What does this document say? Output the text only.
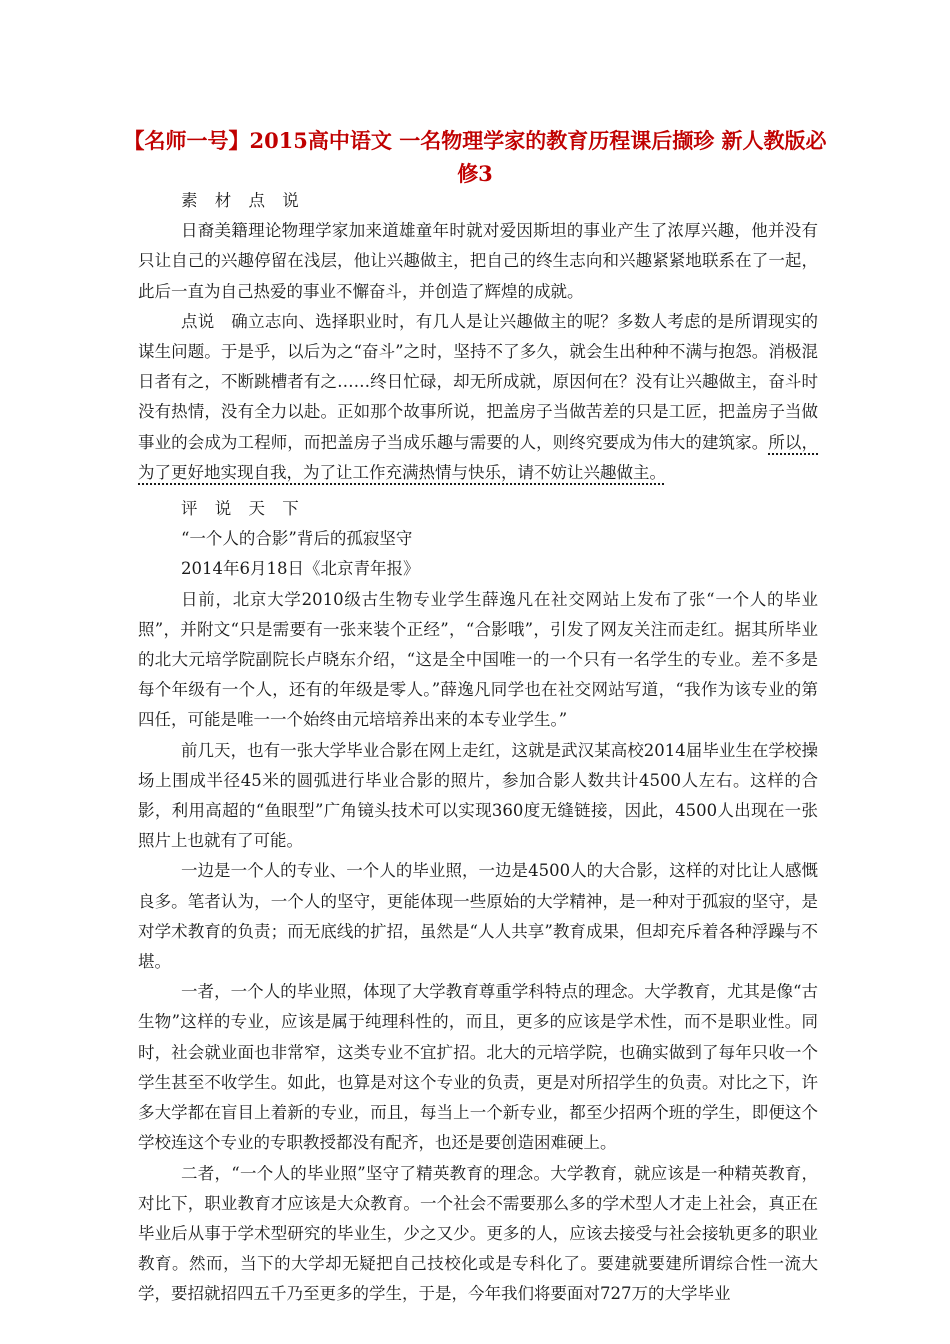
【名师一号】2015高中语文 一名物理学家的教育历程课后撷珍 新人教版必修3

素 材 点 说

日裔美籍理论物理学家加来道雄童年时就对爱因斯坦的事业产生了浓厚兴趣，他并没有只让自己的兴趣停留在浅层，他让兴趣做主，把自己的终生志向和兴趣紧紧地联系在了一起，此后一直为自己热爱的事业不懈奋斗，并创造了辉煌的成就。

点说　确立志向、选择职业时，有几人是让兴趣做主的呢？多数人考虑的是所谓现实的谋生问题。于是乎，以后为之“奋斗”之时，坚持不了多久，就会生出种种不满与抱怨。消极混日者有之，不断跳槽者有之……终日忙碌，却无所成就，原因何在？没有让兴趣做主，奋斗时没有热情，没有全力以赴。正如那个故事所说，把盖房子当做苦差的只是工匠，把盖房子当做事业的会成为工程师，而把盖房子当成乐趣与需要的人，则终究要成为伟大的建筑家。所以，为了更好地实现自我，为了让工作充满热情与快乐，请不妨让兴趣做主。

评 说 天 下

“一个人的合影”背后的孤寂坚守

2014年6月18日《北京青年报》

日前，北京大学2010级古生物专业学生薛逸凡在社交网站上发布了张“一个人的毕业照”，并附文“只是需要有一张来装个正经”，“合影哦”，引发了网友关注而走红。据其所毕业的北大元培学院副院长卢晓东介绍，“这是全中国唯一的一个只有一名学生的专业。差不多是每个年级有一个人，还有的年级是零人。”薛逸凡同学也在社交网站写道，“我作为该专业的第四任，可能是唯一一个始终由元培培养出来的本专业学生。”

前几天，也有一张大学毕业合影在网上走红，这就是武汉某高校2014届毕业生在学校操场上围成半径45米的圆弧进行毕业合影的照片，参加合影人数共计4500人左右。这样的合影，利用高超的“鱼眼型”广角镜头技术可以实现360度无缝链接，因此，4500人出现在一张照片上也就有了可能。

一边是一个人的专业、一个人的毕业照，一边是4500人的大合影，这样的对比让人感慨良多。笔者认为，一个人的坚守，更能体现一些原始的大学精神，是一种对于孤寂的坚守，是对学术教育的负责；而无底线的扩招，虽然是“人人共享”教育成果，但却充斥着各种浮躁与不堪。

一者，一个人的毕业照，体现了大学教育尊重学科特点的理念。大学教育，尤其是像“古生物”这样的专业，应该是属于纯理科性的，而且，更多的应该是学术性，而不是职业性。同时，社会就业面也非常窄，这类专业不宜扩招。北大的元培学院，也确实做到了每年只收一个学生甚至不收学生。如此，也算是对这个专业的负责，更是对所招学生的负责。对比之下，许多大学都在盲目上着新的专业，而且，每当上一个新专业，都至少招两个班的学生，即便这个学校连这个专业的专职教授都没有配齐，也还是要创造困难硬上。

二者，“一个人的毕业照”坚守了精英教育的理念。大学教育，就应该是一种精英教育，对比下，职业教育才应该是大众教育。一个社会不需要那么多的学术型人才走上社会，真正在毕业后从事于学术型研究的毕业生，少之又少。更多的人，应该去接受与社会接轨更多的职业教育。然而，当下的大学却无疑把自己技校化或是专科化了。要建就要建所谓综合性一流大学，要招就招四五千乃至更多的学生，于是，今年我们将要面对727万的大学毕业
